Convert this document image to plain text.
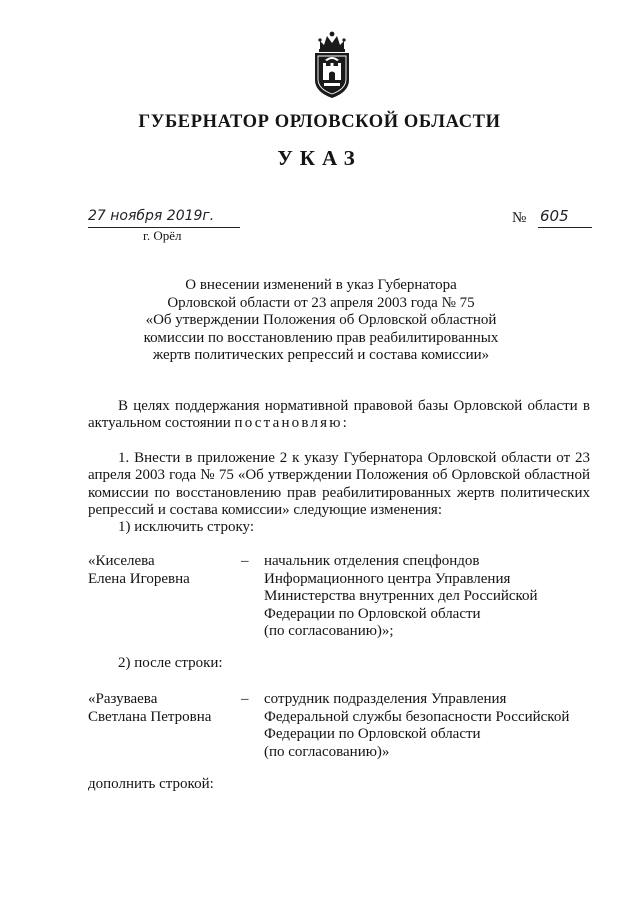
ГУБЕРНАТОР ОРЛОВСКОЙ ОБЛАСТИ
УКАЗ
27 ноября 2019г.
г. Орёл
№ 605
О внесении изменений в указ Губернатора
Орловской области от 23 апреля 2003 года № 75
«Об утверждении Положения об Орловской областной
комиссии по восстановлению прав реабилитированных
жертв политических репрессий и состава комиссии»
В целях поддержания нормативной правовой базы Орловской области в актуальном состоянии постановляю:
1. Внести в приложение 2 к указу Губернатора Орловской области от 23 апреля 2003 года № 75 «Об утверждении Положения об Орловской областной комиссии по восстановлению прав реабилитированных жертв политических репрессий и состава комиссии» следующие изменения:
1) исключить строку:
«Киселева
Елена Игоревна
– начальник отделения спецфондов
Информационного центра Управления
Министерства внутренних дел Российской
Федерации по Орловской области
(по согласованию)»;
2) после строки:
«Разуваева
Светлана Петровна
– сотрудник подразделения Управления
Федеральной службы безопасности Российской
Федерации по Орловской области
(по согласованию)»
дополнить строкой:
